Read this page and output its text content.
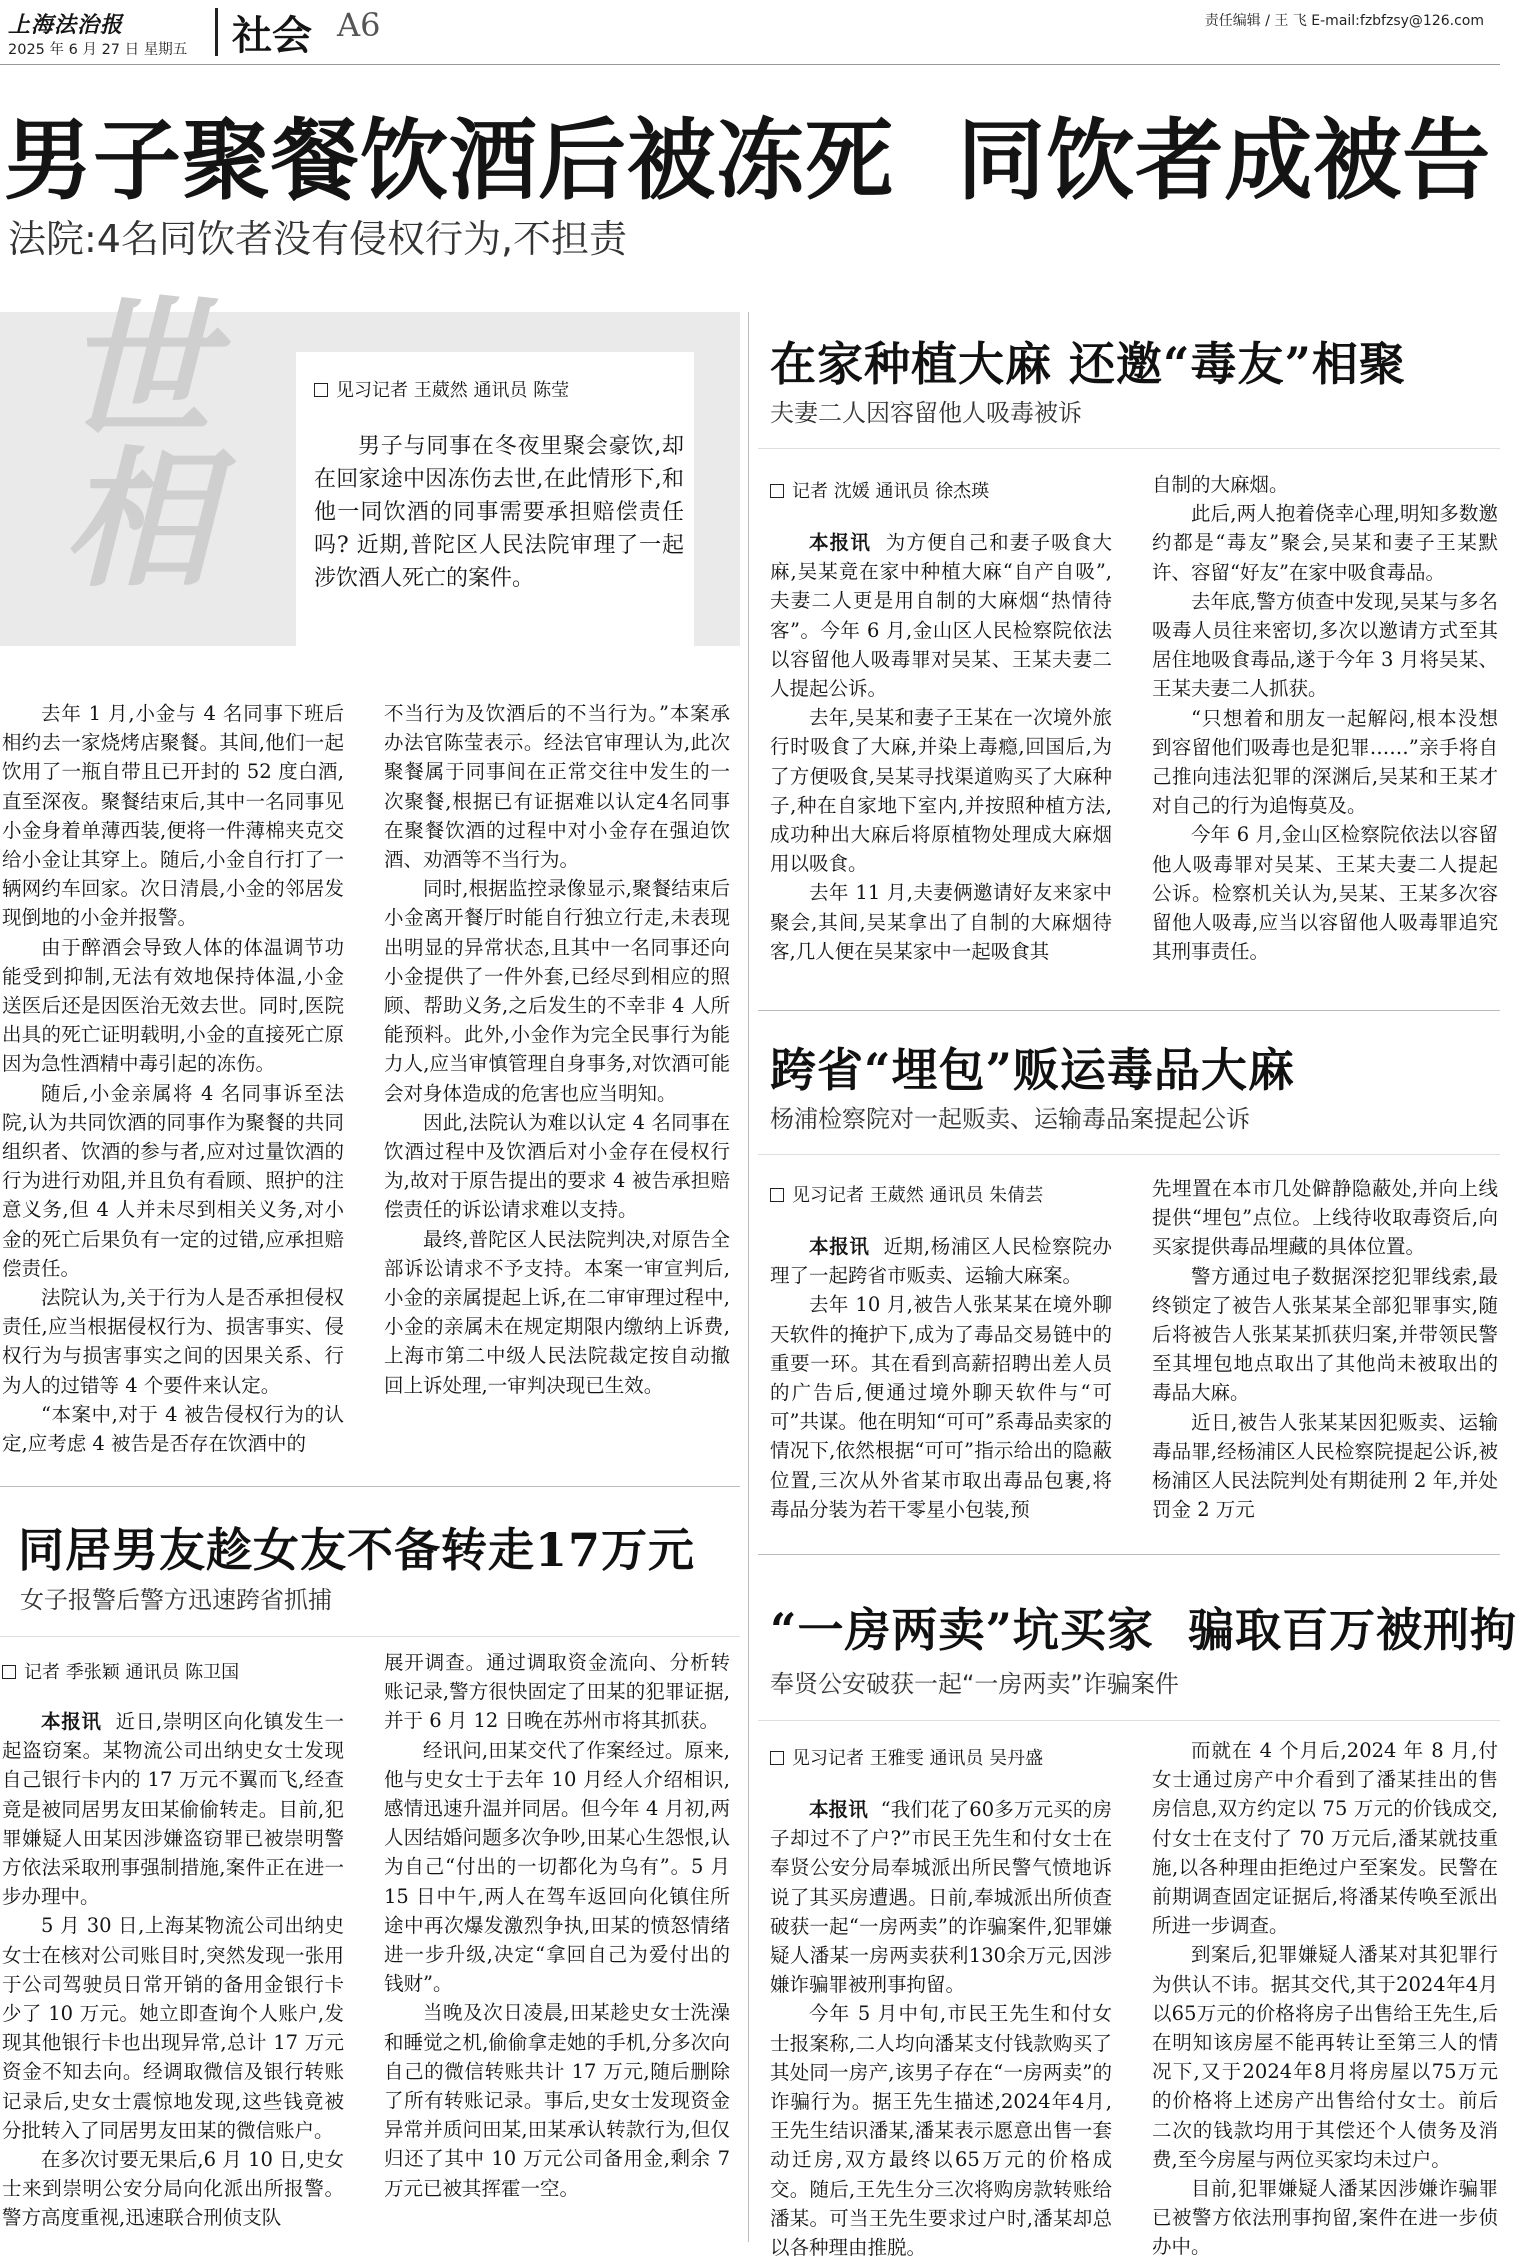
上海法治报
2025 年 6 月 27 日 星期五 社会 A6	责任编辑 / 王 飞 E-mail:fzbfzsy@126.com
男子聚餐饮酒后被冻死  同饮者成被告
法院:4名同饮者没有侵权行为,不担责
世相	见习记者 王葳然 通讯员 陈莹

男子与同事在冬夜里聚会豪饮,却在回家途中因冻伤去世,在此情形下,和他一同饮酒的同事需要承担赔偿责任吗? 近期,普陀区人民法院审理了一起涉饮酒人死亡的案件。

去年 1 月,小金与 4 名同事下班后相约去一家烧烤店聚餐。其间,他们一起饮用了一瓶自带且已开封的 52 度白酒,直至深夜。聚餐结束后,其中一名同事见小金身着单薄西装,便将一件薄棉夹克交给小金让其穿上。随后,小金自行打了一辆网约车回家。次日清晨,小金的邻居发现倒地的小金并报警。

由于醉酒会导致人体的体温调节功能受到抑制,无法有效地保持体温,小金送医后还是因医治无效去世。同时,医院出具的死亡证明载明,小金的直接死亡原因为急性酒精中毒引起的冻伤。

随后,小金亲属将 4 名同事诉至法院,认为共同饮酒的同事作为聚餐的共同组织者、饮酒的参与者,应对过量饮酒的行为进行劝阻,并且负有看顾、照护的注意义务,但 4 人并未尽到相关义务,对小金的死亡后果负有一定的过错,应承担赔偿责任。

法院认为,关于行为人是否承担侵权责任,应当根据侵权行为、损害事实、侵权行为与损害事实之间的因果关系、行为人的过错等 4 个要件来认定。

“本案中,对于 4 被告侵权行为的认定,应考虑 4 被告是否存在饮酒中的

不当行为及饮酒后的不当行为。”本案承办法官陈莹表示。经法官审理认为,此次聚餐属于同事间在正常交往中发生的一次聚餐,根据已有证据难以认定4名同事在聚餐饮酒的过程中对小金存在强迫饮酒、劝酒等不当行为。

同时,根据监控录像显示,聚餐结束后小金离开餐厅时能自行独立行走,未表现出明显的异常状态,且其中一名同事还向小金提供了一件外套,已经尽到相应的照顾、帮助义务,之后发生的不幸非 4 人所能预料。此外,小金作为完全民事行为能力人,应当审慎管理自身事务,对饮酒可能会对身体造成的危害也应当明知。

因此,法院认为难以认定 4 名同事在饮酒过程中及饮酒后对小金存在侵权行为,故对于原告提出的要求 4 被告承担赔偿责任的诉讼请求难以支持。

最终,普陀区人民法院判决,对原告全部诉讼请求不予支持。本案一审宣判后,小金的亲属提起上诉,在二审审理过程中,小金的亲属未在规定期限内缴纳上诉费,上海市第二中级人民法院裁定按自动撤回上诉处理,一审判决现已生效。

同居男友趁女友不备转走17万元
女子报警后警方迅速跨省抓捕
记者 季张颖 通讯员 陈卫国

本报讯 近日,崇明区向化镇发生一起盗窃案。某物流公司出纳史女士发现自己银行卡内的 17 万元不翼而飞,经查竟是被同居男友田某偷偷转走。目前,犯罪嫌疑人田某因涉嫌盗窃罪已被崇明警方依法采取刑事强制措施,案件正在进一步办理中。

5 月 30 日,上海某物流公司出纳史女士在核对公司账目时,突然发现一张用于公司驾驶员日常开销的备用金银行卡少了 10 万元。她立即查询个人账户,发现其他银行卡也出现异常,总计 17 万元资金不知去向。经调取微信及银行转账记录后,史女士震惊地发现,这些钱竟被分批转入了同居男友田某的微信账户。

在多次讨要无果后,6 月 10 日,史女士来到崇明公安分局向化派出所报警。警方高度重视,迅速联合刑侦支队

展开调查。通过调取资金流向、分析转账记录,警方很快固定了田某的犯罪证据,并于 6 月 12 日晚在苏州市将其抓获。

经讯问,田某交代了作案经过。原来,他与史女士于去年 10 月经人介绍相识,感情迅速升温并同居。但今年 4 月初,两人因结婚问题多次争吵,田某心生怨恨,认为自己“付出的一切都化为乌有”。5 月 15 日中午,两人在驾车返回向化镇住所途中再次爆发激烈争执,田某的愤怒情绪进一步升级,决定“拿回自己为爱付出的钱财”。

当晚及次日凌晨,田某趁史女士洗澡和睡觉之机,偷偷拿走她的手机,分多次向自己的微信转账共计 17 万元,随后删除了所有转账记录。事后,史女士发现资金异常并质问田某,田某承认转款行为,但仅归还了其中 10 万元公司备用金,剩余 7 万元已被其挥霍一空。

在家种植大麻 还邀“毒友”相聚
夫妻二人因容留他人吸毒被诉
记者 沈媛 通讯员 徐杰瑛

本报讯 为方便自己和妻子吸食大麻,吴某竟在家中种植大麻“自产自吸”,夫妻二人更是用自制的大麻烟“热情待客”。今年 6 月,金山区人民检察院依法以容留他人吸毒罪对吴某、王某夫妻二人提起公诉。

去年,吴某和妻子王某在一次境外旅行时吸食了大麻,并染上毒瘾,回国后,为了方便吸食,吴某寻找渠道购买了大麻种子,种在自家地下室内,并按照种植方法,成功种出大麻后将原植物处理成大麻烟用以吸食。

去年 11 月,夫妻俩邀请好友来家中聚会,其间,吴某拿出了自制的大麻烟待客,几人便在吴某家中一起吸食其

自制的大麻烟。

此后,两人抱着侥幸心理,明知多数邀约都是“毒友”聚会,吴某和妻子王某默许、容留“好友”在家中吸食毒品。

去年底,警方侦查中发现,吴某与多名吸毒人员往来密切,多次以邀请方式至其居住地吸食毒品,遂于今年 3 月将吴某、王某夫妻二人抓获。

“只想着和朋友一起解闷,根本没想到容留他们吸毒也是犯罪……”亲手将自己推向违法犯罪的深渊后,吴某和王某才对自己的行为追悔莫及。

今年 6 月,金山区检察院依法以容留他人吸毒罪对吴某、王某夫妻二人提起公诉。检察机关认为,吴某、王某多次容留他人吸毒,应当以容留他人吸毒罪追究其刑事责任。

跨省“埋包”贩运毒品大麻
杨浦检察院对一起贩卖、运输毒品案提起公诉
见习记者 王葳然 通讯员 朱倩芸

本报讯 近期,杨浦区人民检察院办理了一起跨省市贩卖、运输大麻案。

去年 10 月,被告人张某某在境外聊天软件的掩护下,成为了毒品交易链中的重要一环。其在看到高薪招聘出差人员的广告后,便通过境外聊天软件与“可可”共谋。他在明知“可可”系毒品卖家的情况下,依然根据“可可”指示给出的隐蔽位置,三次从外省某市取出毒品包裹,将毒品分装为若干零星小包装,预

先埋置在本市几处僻静隐蔽处,并向上线提供“埋包”点位。上线待收取毒资后,向买家提供毒品埋藏的具体位置。

警方通过电子数据深挖犯罪线索,最终锁定了被告人张某某全部犯罪事实,随后将被告人张某某抓获归案,并带领民警至其埋包地点取出了其他尚未被取出的毒品大麻。

近日,被告人张某某因犯贩卖、运输毒品罪,经杨浦区人民检察院提起公诉,被杨浦区人民法院判处有期徒刑 2 年,并处罚金 2 万元

“一房两卖”坑买家  骗取百万被刑拘
奉贤公安破获一起“一房两卖”诈骗案件
见习记者 王雅雯 通讯员 吴丹盛

本报讯 “我们花了60多万元买的房子却过不了户?”市民王先生和付女士在奉贤公安分局奉城派出所民警气愤地诉说了其买房遭遇。日前,奉城派出所侦查破获一起“一房两卖”的诈骗案件,犯罪嫌疑人潘某一房两卖获利130余万元,因涉嫌诈骗罪被刑事拘留。

今年 5 月中旬,市民王先生和付女士报案称,二人均向潘某支付钱款购买了其处同一房产,该男子存在“一房两卖”的诈骗行为。据王先生描述,2024年4月,王先生结识潘某,潘某表示愿意出售一套动迁房,双方最终以65万元的价格成交。随后,王先生分三次将购房款转账给潘某。可当王先生要求过户时,潘某却总以各种理由推脱。

而就在 4 个月后,2024 年 8 月,付女士通过房产中介看到了潘某挂出的售房信息,双方约定以 75 万元的价钱成交,付女士在支付了 70 万元后,潘某就技重施,以各种理由拒绝过户至案发。民警在前期调查固定证据后,将潘某传唤至派出所进一步调查。

到案后,犯罪嫌疑人潘某对其犯罪行为供认不讳。据其交代,其于2024年4月以65万元的价格将房子出售给王先生,后在明知该房屋不能再转让至第三人的情况下,又于2024年8月将房屋以75万元的价格将上述房产出售给付女士。前后二次的钱款均用于其偿还个人债务及消费,至今房屋与两位买家均未过户。

目前,犯罪嫌疑人潘某因涉嫌诈骗罪已被警方依法刑事拘留,案件在进一步侦办中。
